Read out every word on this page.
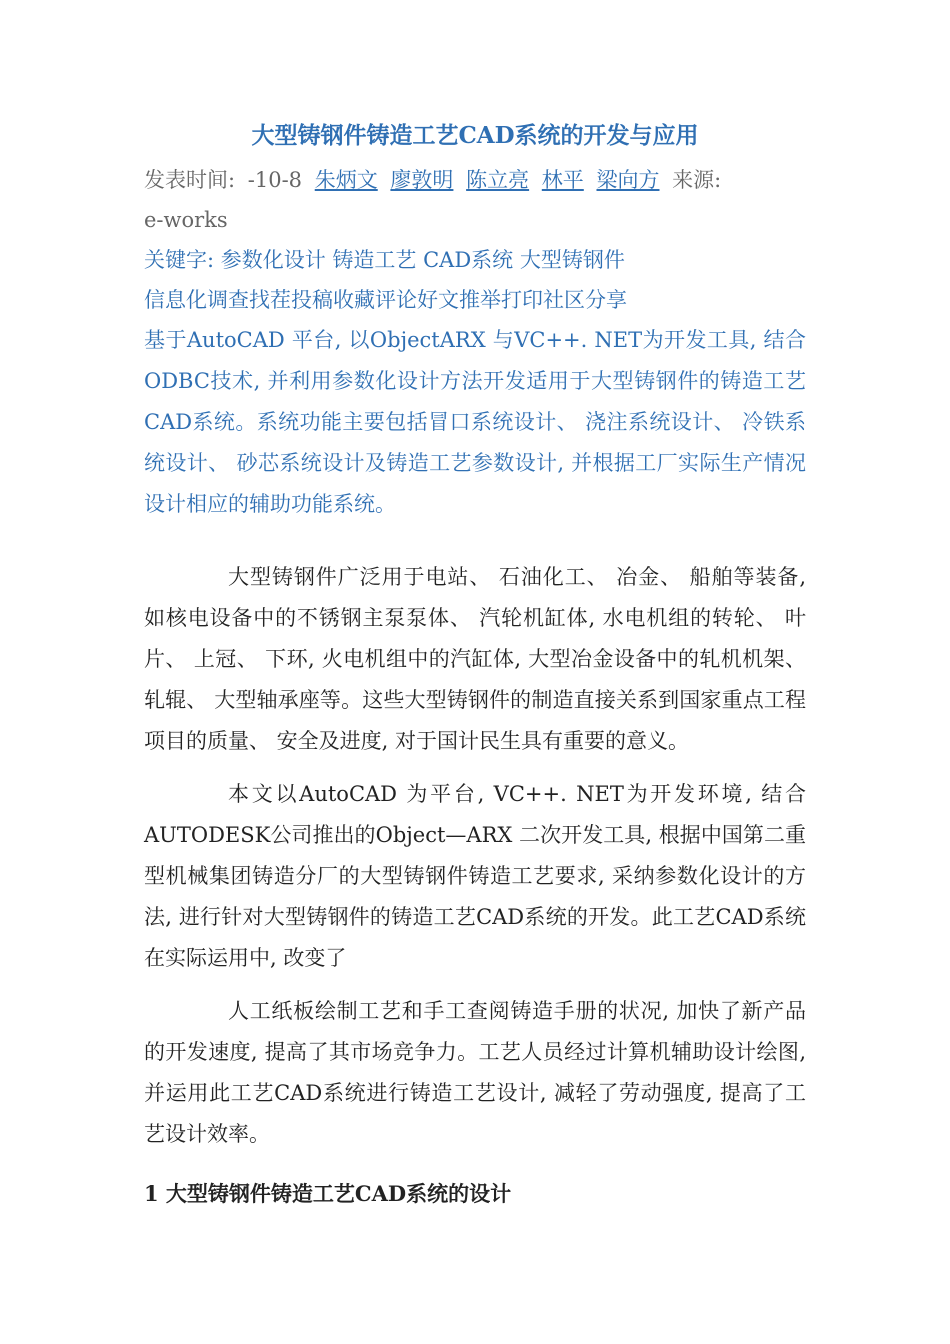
大型铸钢件铸造工艺CAD系统的开发与应用

发表时间: -10-8 朱炳文 廖敦明 陈立亮 林平 梁向方 来源:
e-works

关键字: 参数化设计 铸造工艺 CAD系统 大型铸钢件

信息化调查找茬投稿收藏评论好文推举打印社区分享

基于AutoCAD 平台, 以ObjectARX 与VC++. NET为开发工具, 结合ODBC技术, 并利用参数化设计方法开发适用于大型铸钢件的铸造工艺CAD系统。系统功能主要包括冒口系统设计、 浇注系统设计、 冷铁系统设计、 砂芯系统设计及铸造工艺参数设计, 并根据工厂实际生产情况设计相应的辅助功能系统。

大型铸钢件广泛用于电站、 石油化工、 冶金、 船舶等装备, 如核电设备中的不锈钢主泵泵体、 汽轮机缸体, 水电机组的转轮、 叶片、 上冠、 下环, 火电机组中的汽缸体, 大型冶金设备中的轧机机架、 轧辊、 大型轴承座等。这些大型铸钢件的制造直接关系到国家重点工程项目的质量、 安全及进度, 对于国计民生具有重要的意义。

本文以AutoCAD 为平台, VC++. NET为开发环境, 结合AUTODESK公司推出的Object—ARX 二次开发工具, 根据中国第二重型机械集团铸造分厂的大型铸钢件铸造工艺要求, 采纳参数化设计的方法, 进行针对大型铸钢件的铸造工艺CAD系统的开发。此工艺CAD系统在实际运用中, 改变了

人工纸板绘制工艺和手工查阅铸造手册的状况, 加快了新产品的开发速度, 提高了其市场竞争力。工艺人员经过计算机辅助设计绘图, 并运用此工艺CAD系统进行铸造工艺设计, 减轻了劳动强度, 提高了工艺设计效率。

1 大型铸钢件铸造工艺CAD系统的设计
